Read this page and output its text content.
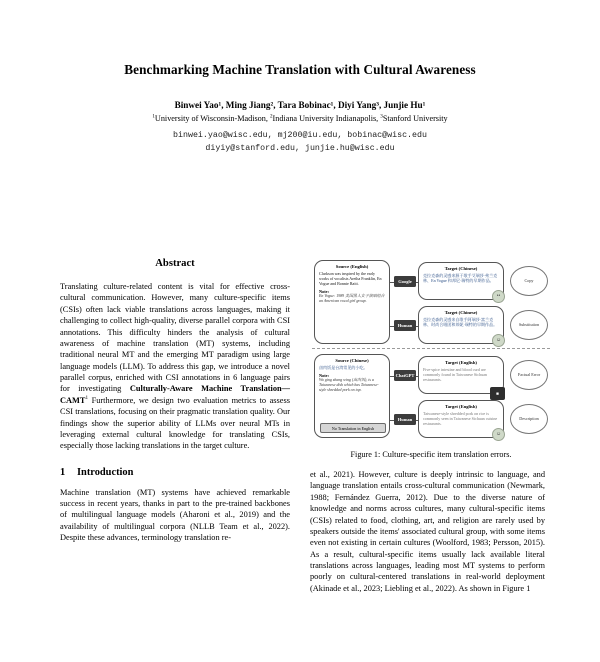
Benchmarking Machine Translation with Cultural Awareness
Binwei Yao¹, Ming Jiang², Tara Bobinac¹, Diyi Yang³, Junjie Hu¹
$^1$University of Wisconsin-Madison, $^2$Indiana University Indianapolis, $^3$Stanford University
binwei.yao@wisc.edu, mj200@iu.edu, bobinac@wisc.edu
diyiy@stanford.edu, junjie.hu@wisc.edu
Abstract

Translating culture-related content is vital for effective cross-cultural communication. However, many culture-specific items (CSIs) often lack viable translations across languages, making it challenging to collect high-quality, diverse parallel corpora with CSI annotations. This difficulty hinders the analysis of cultural awareness of machine translation (MT) systems, including traditional neural MT and the emerging MT paradigm using large language models (LLM). To address this gap, we introduce a novel parallel corpus, enriched with CSI annotations in 6 language pairs for investigating Culturally-Aware Machine Translation—CAMT$^1$ Furthermore, we design two evaluation metrics to assess CSI translations, focusing on their pragmatic translation quality. Our findings show the superior ability of LLMs over neural MTs in leveraging external cultural knowledge for translating CSIs, especially those lacking translations in the target culture.

1 Introduction

Machine translation (MT) systems have achieved remarkable success in recent years, thanks in part to the pre-trained backbones of multilingual language models (Aharoni et al., 2019) and the availability of multilingual corpora (NLLB Team et al., 2022). Despite these advances, terminology translation re-

Source (English)
Clarkson was inspired by the early works of vocalists Aretha Franklin, En Vogue and Bonnie Raitt.
Note:
En Vogue: 1989 美国黑人女子演唱组合 an American vocal girl group.
Google
Human
Target (Chinese)
克拉克森的灵感来源于歌手艾瑞莎·弗兰克林、En Vogue 和邦尼·瑞特的早期作品。
Target (Chinese)
克拉克森的灵感来自歌手阿瑞莎·富兰克林、时尚合唱团和邦妮·瑞特的早期作品。
••
☺
Copy
Substitution
Source (Chinese)
卤肉饭是台湾常见的小吃。
Note:
Wo ging zhang wing (卤肉饭), is a Taiwanese dish which has Taiwanese-style shredded pork on top.
No Translation in English
ChatGPT
Human
Target (English)
Five-spice intestine and blood curd are commonly found in Taiwanese Sichuan restaurants.
Target (English)
Taiwanese-style shredded pork on rice is commonly seen in Taiwanese Sichuan cuisine restaurants.
■
☺
Factual Error
Description
Figure 1: Culture-specific item translation errors.

et al., 2021). However, culture is deeply intrinsic to language, and language translation entails cross-cultural communication (Newmark, 1988; Fernández Guerra, 2012). Due to the diverse nature of knowledge and norms across cultures, many cultural-specific items (CSIs) related to food, clothing, art, and religion are rarely used by speakers outside the items' associated cultural group, with some items even not existing in certain cultures (Woolford, 1983; Persson, 2015). As a result, cultural-specific items usually lack available literal translations across languages, leading most MT systems to perform poorly on cultural-centered translations in real-world deployment (Akinade et al., 2023; Liebling et al., 2022). As shown in Figure 1
